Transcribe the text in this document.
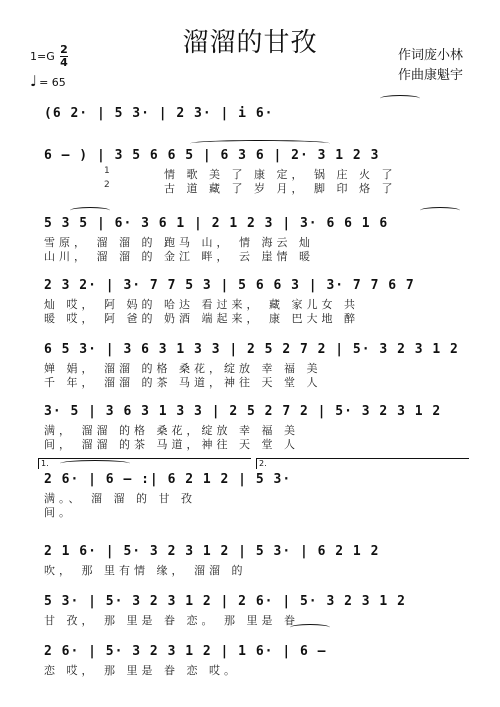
溜溜的甘孜	作词庞小林
作曲康魁宇
1=G
2
4
♩ = 65
(6 2· | 5 3· | 2 3· | i 6·
6 — ) | 3 5 6 6 5 | 6 3 6 | 2· 3 1 2 3
1
2
情 歌 美 了 康 定， 锅 庄 火 了
古 道 藏 了 岁 月， 脚 印 烙 了
5 3 5 | 6· 3 6 1 | 2 1 2 3 | 3· 6 6 1 6
雪原， 溜 溜 的 跑马 山， 情 海云 灿
山川， 溜 溜 的 金江 畔， 云 崖情 暖
2 3 2· | 3· 7 7 5 3 | 5 6 6 3 | 3· 7 7 6 7
灿 哎， 阿 妈的 哈达 看过来， 藏 家儿女 共
暖 哎， 阿 爸的 奶酒 端起来， 康 巴大地 醉
6 5 3· | 3 6 3 1 3 3 | 2 5 2 7 2 | 5· 3 2 3 1 2
婵 娟， 溜溜 的格 桑花，绽放 幸 福 美
千 年， 溜溜 的茶 马道，神往 天 堂 人
3· 5 | 3 6 3 1 3 3 | 2 5 2 7 2 | 5· 3 2 3 1 2
满， 溜溜 的格 桑花，绽放 幸 福 美
间， 溜溜 的茶 马道，神往 天 堂 人
1.	2.
2 6· | 6 — :| 6 2 1 2 | 5 3·
满。、 溜 溜 的 甘 孜
间。
2 1 6· | 5· 3 2 3 1 2 | 5 3· | 6 2 1 2
吹， 那 里有情 缘， 溜溜 的
5 3· | 5· 3 2 3 1 2 | 2 6· | 5· 3 2 3 1 2
甘 孜， 那 里是 眷 恋。 那 里是 眷
2 6· | 5· 3 2 3 1 2 | 1 6· | 6 —
恋 哎， 那 里是 眷 恋 哎。
